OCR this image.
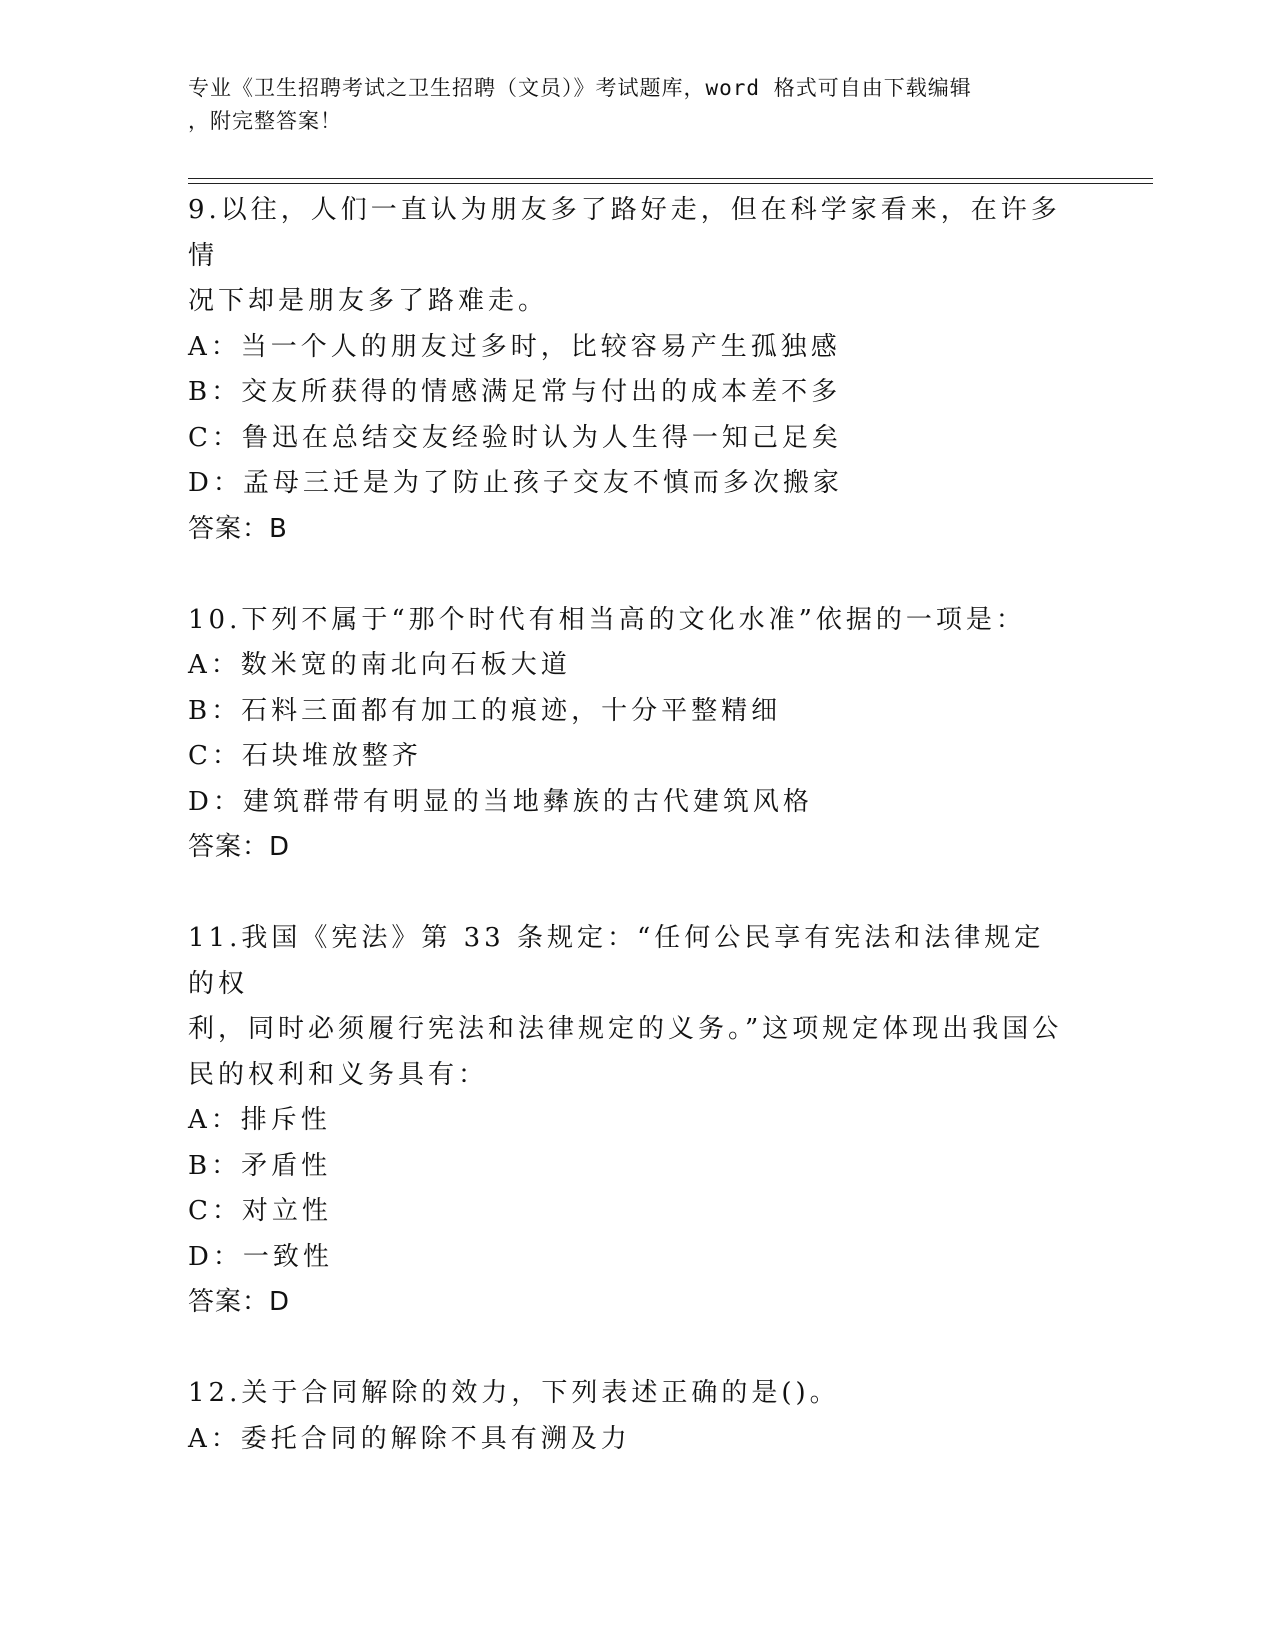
专业《卫生招聘考试之卫生招聘（文员）》考试题库，word 格式可自由下载编辑

，附完整答案！

9.以往，人们一直认为朋友多了路好走，但在科学家看来，在许多情

况下却是朋友多了路难走。

A：当一个人的朋友过多时，比较容易产生孤独感

B：交友所获得的情感满足常与付出的成本差不多

C：鲁迅在总结交友经验时认为人生得一知己足矣

D：孟母三迁是为了防止孩子交友不慎而多次搬家

答案：B

10.下列不属于“那个时代有相当高的文化水准”依据的一项是：

A：数米宽的南北向石板大道

B：石料三面都有加工的痕迹，十分平整精细

C：石块堆放整齐

D：建筑群带有明显的当地彝族的古代建筑风格

答案：D

11.我国《宪法》第 33 条规定：“任何公民享有宪法和法律规定的权

利，同时必须履行宪法和法律规定的义务。”这项规定体现出我国公

民的权利和义务具有：

A：排斥性

B：矛盾性

C：对立性

D：一致性

答案：D

12.关于合同解除的效力，下列表述正确的是()。

A：委托合同的解除不具有溯及力
